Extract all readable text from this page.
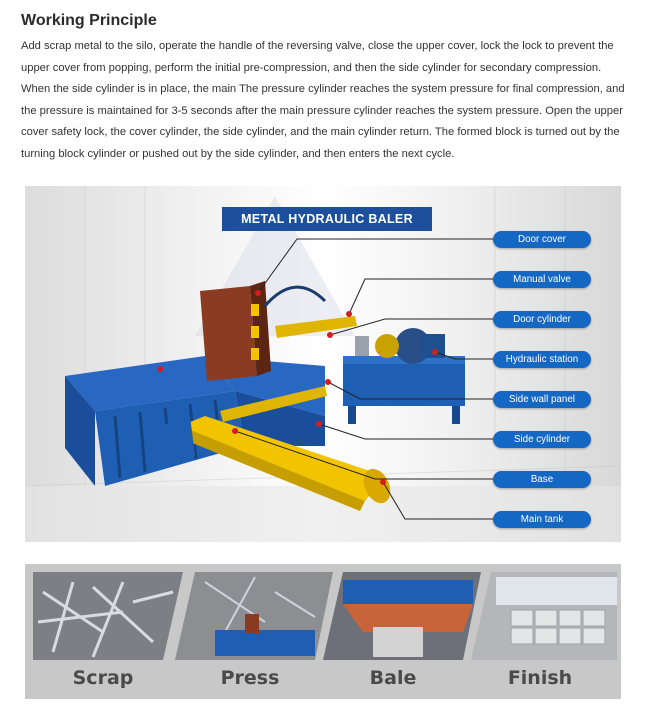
Working Principle
Add scrap metal to the silo, operate the handle of the reversing valve, close the upper cover, lock the lock to prevent the
upper cover from popping, perform the initial pre-compression, and then the side cylinder for secondary compression.
When the side cylinder is in place, the main The pressure cylinder reaches the system pressure for final compression, and
the pressure is maintained for 3-5 seconds after the main pressure cylinder reaches the system pressure. Open the upper
cover safety lock, the cover cylinder, the side cylinder, and the main cylinder return. The formed block is turned out by the
turning block cylinder or pushed out by the side cylinder, and then enters the next cycle.
METAL HYDRAULIC BALER
Door cover
Manual valve
Door cylinder
Hydraulic station
Side wall panel
Side cylinder
Base
Main tank
Scrap	Press	Bale	Finish
